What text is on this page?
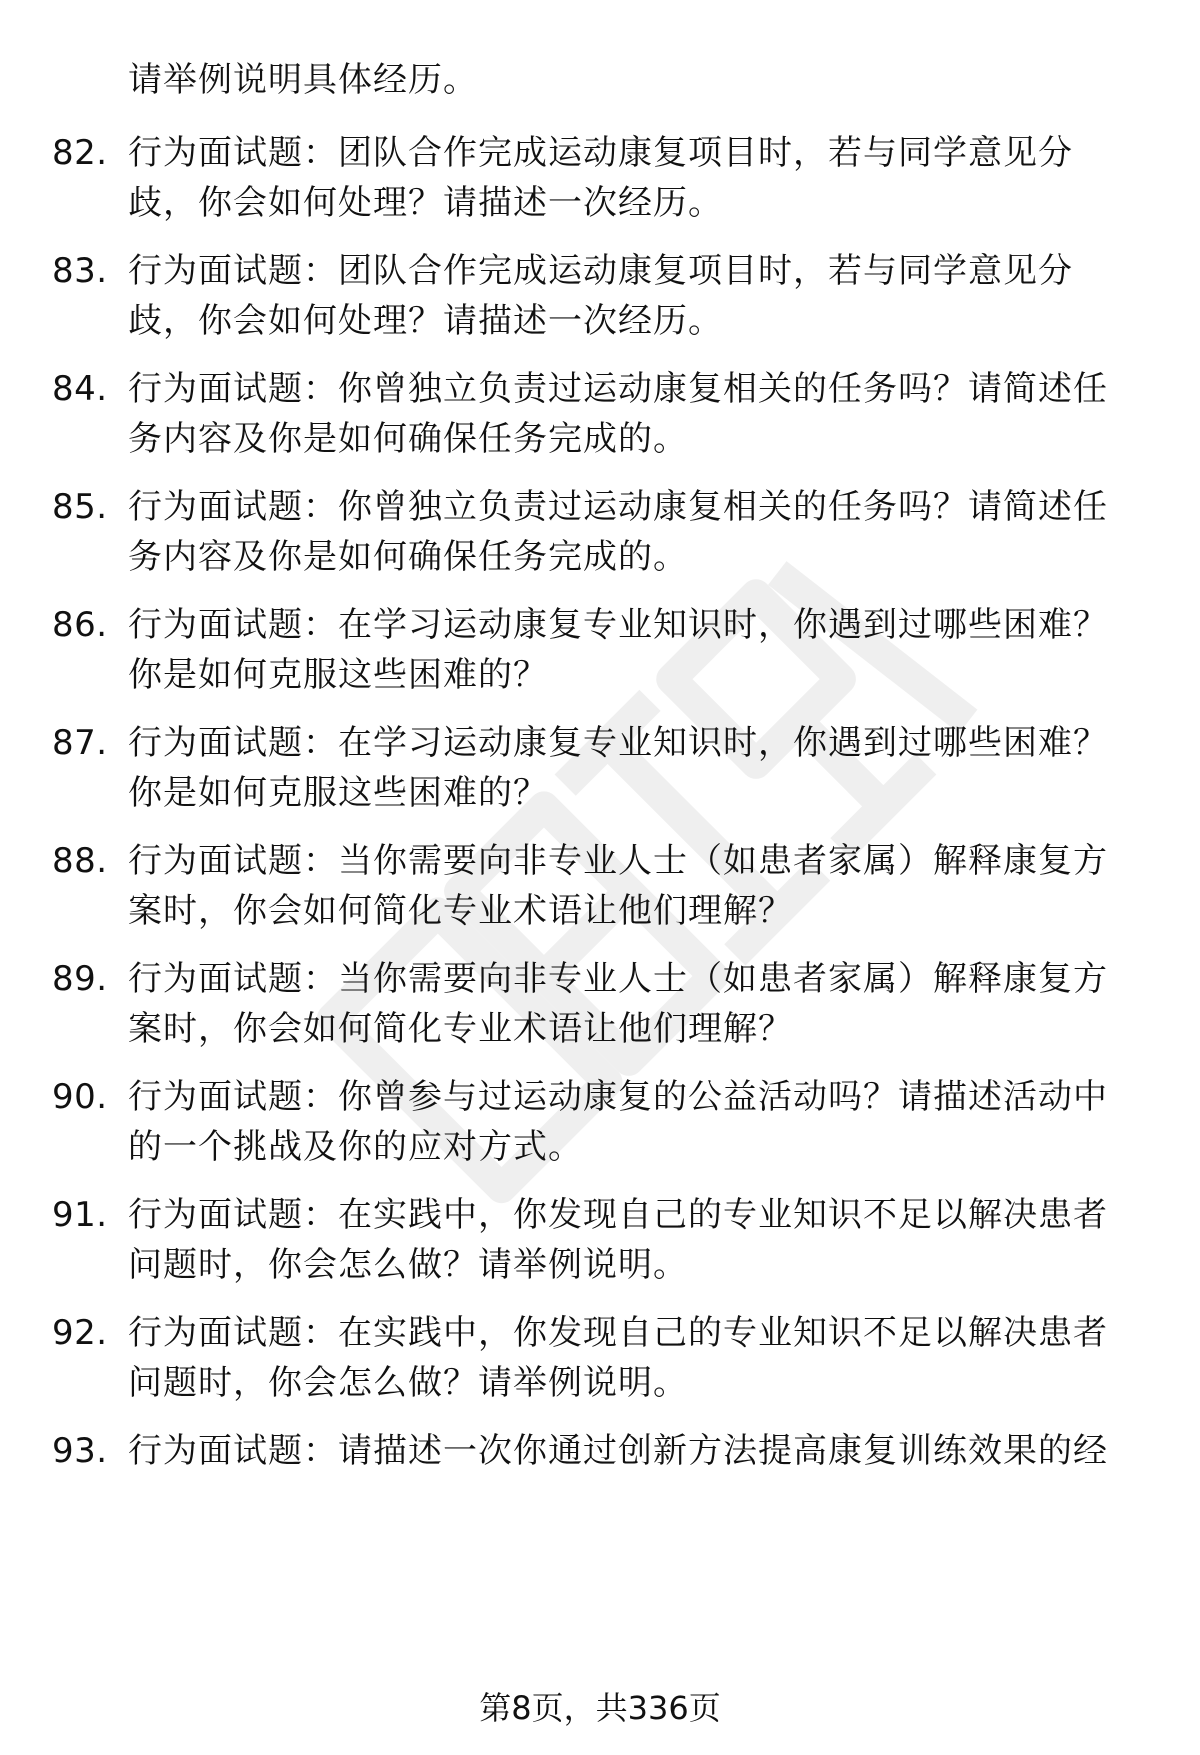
请举例说明具体经历。
82. 行为面试题：团队合作完成运动康复项目时，若与同学意见分
歧，你会如何处理？请描述一次经历。
83. 行为面试题：团队合作完成运动康复项目时，若与同学意见分
歧，你会如何处理？请描述一次经历。
84. 行为面试题：你曾独立负责过运动康复相关的任务吗？请简述任
务内容及你是如何确保任务完成的。
85. 行为面试题：你曾独立负责过运动康复相关的任务吗？请简述任
务内容及你是如何确保任务完成的。
86. 行为面试题：在学习运动康复专业知识时，你遇到过哪些困难？
你是如何克服这些困难的？
87. 行为面试题：在学习运动康复专业知识时，你遇到过哪些困难？
你是如何克服这些困难的？
88. 行为面试题：当你需要向非专业人士（如患者家属）解释康复方
案时，你会如何简化专业术语让他们理解？
89. 行为面试题：当你需要向非专业人士（如患者家属）解释康复方
案时，你会如何简化专业术语让他们理解？
90. 行为面试题：你曾参与过运动康复的公益活动吗？请描述活动中
的一个挑战及你的应对方式。
91. 行为面试题：在实践中，你发现自己的专业知识不足以解决患者
问题时，你会怎么做？请举例说明。
92. 行为面试题：在实践中，你发现自己的专业知识不足以解决患者
问题时，你会怎么做？请举例说明。
93. 行为面试题：请描述一次你通过创新方法提高康复训练效果的经
第8页，共336页
